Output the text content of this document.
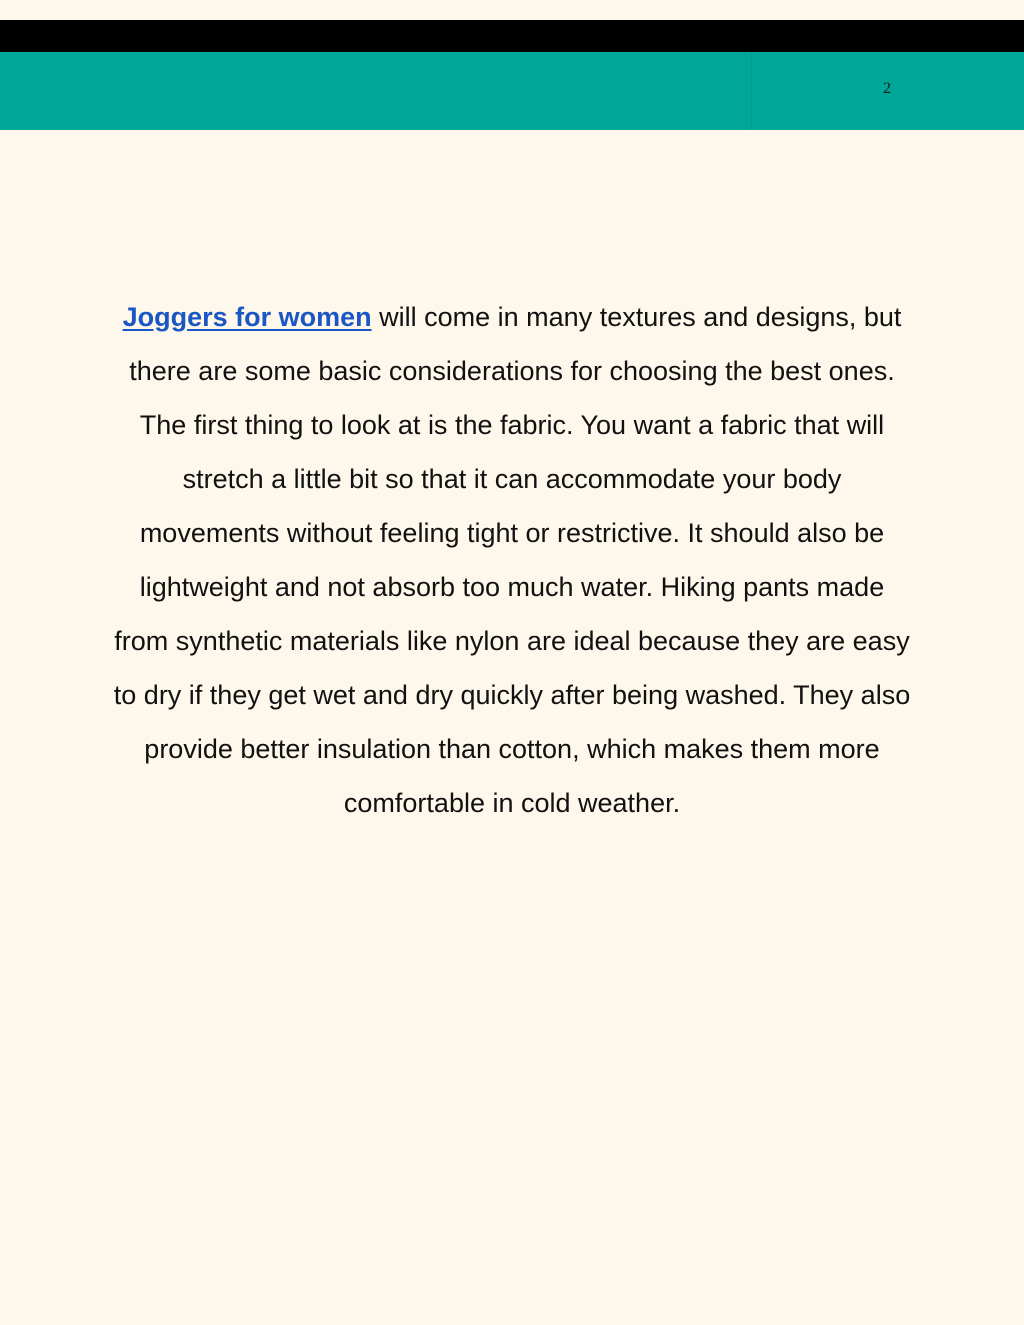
2

Joggers for women will come in many textures and designs, but there are some basic considerations for choosing the best ones. The first thing to look at is the fabric. You want a fabric that will stretch a little bit so that it can accommodate your body movements without feeling tight or restrictive. It should also be lightweight and not absorb too much water. Hiking pants made from synthetic materials like nylon are ideal because they are easy to dry if they get wet and dry quickly after being washed. They also provide better insulation than cotton, which makes them more comfortable in cold weather.
